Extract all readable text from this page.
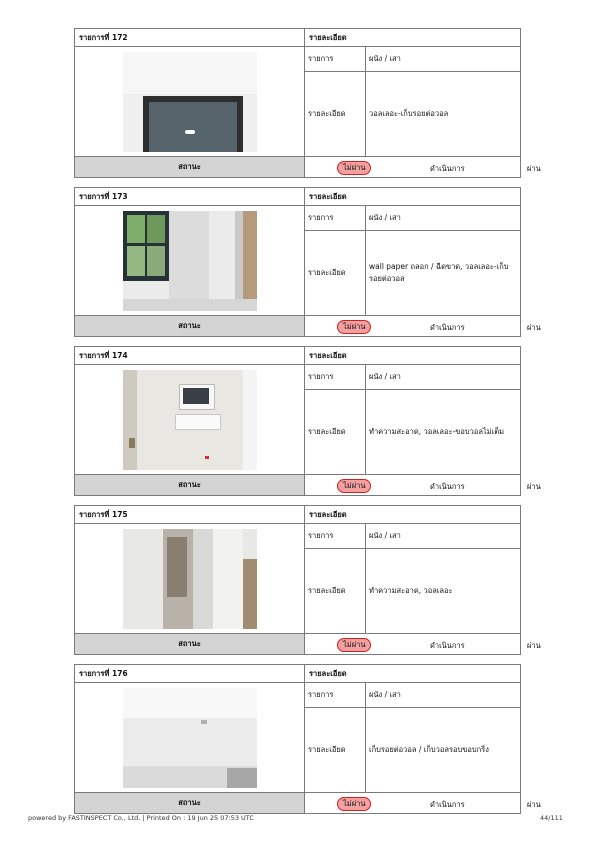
รายการที่ 172	รายละเอียด	

	รายการ	ผนัง / เสา
	รายละเอียด	วอลเลอะ-เก็บรอยต่อวอล
สถานะ	ไม่ผ่าน ดำเนินการ ผ่าน	
รายการที่ 173	รายละเอียด	

	รายการ	ผนัง / เสา
	รายละเอียด	wall paper ถลอก / ฉีดขาด, วอลเลอะ-เก็บรอยต่อวอล
สถานะ	ไม่ผ่าน ดำเนินการ ผ่าน	
รายการที่ 174	รายละเอียด	

	รายการ	ผนัง / เสา
	รายละเอียด	ทำความสะอาด, วอลเลอะ-ขอบวอลไม่เต็ม
สถานะ	ไม่ผ่าน ดำเนินการ ผ่าน	
รายการที่ 175	รายละเอียด	

	รายการ	ผนัง / เสา
	รายละเอียด	ทำความสะอาด, วอลเลอะ
สถานะ	ไม่ผ่าน ดำเนินการ ผ่าน	
รายการที่ 176	รายละเอียด	

	รายการ	ผนัง / เสา
	รายละเอียด	เก็บรอยต่อวอล / เก็บวอลรอบขอบกริ่ง
สถานะ	ไม่ผ่าน ดำเนินการ ผ่าน	
powered by FASTINSPECT Co., Ltd. | Printed On : 19 Jun 25 07:53 UTC	44/111
